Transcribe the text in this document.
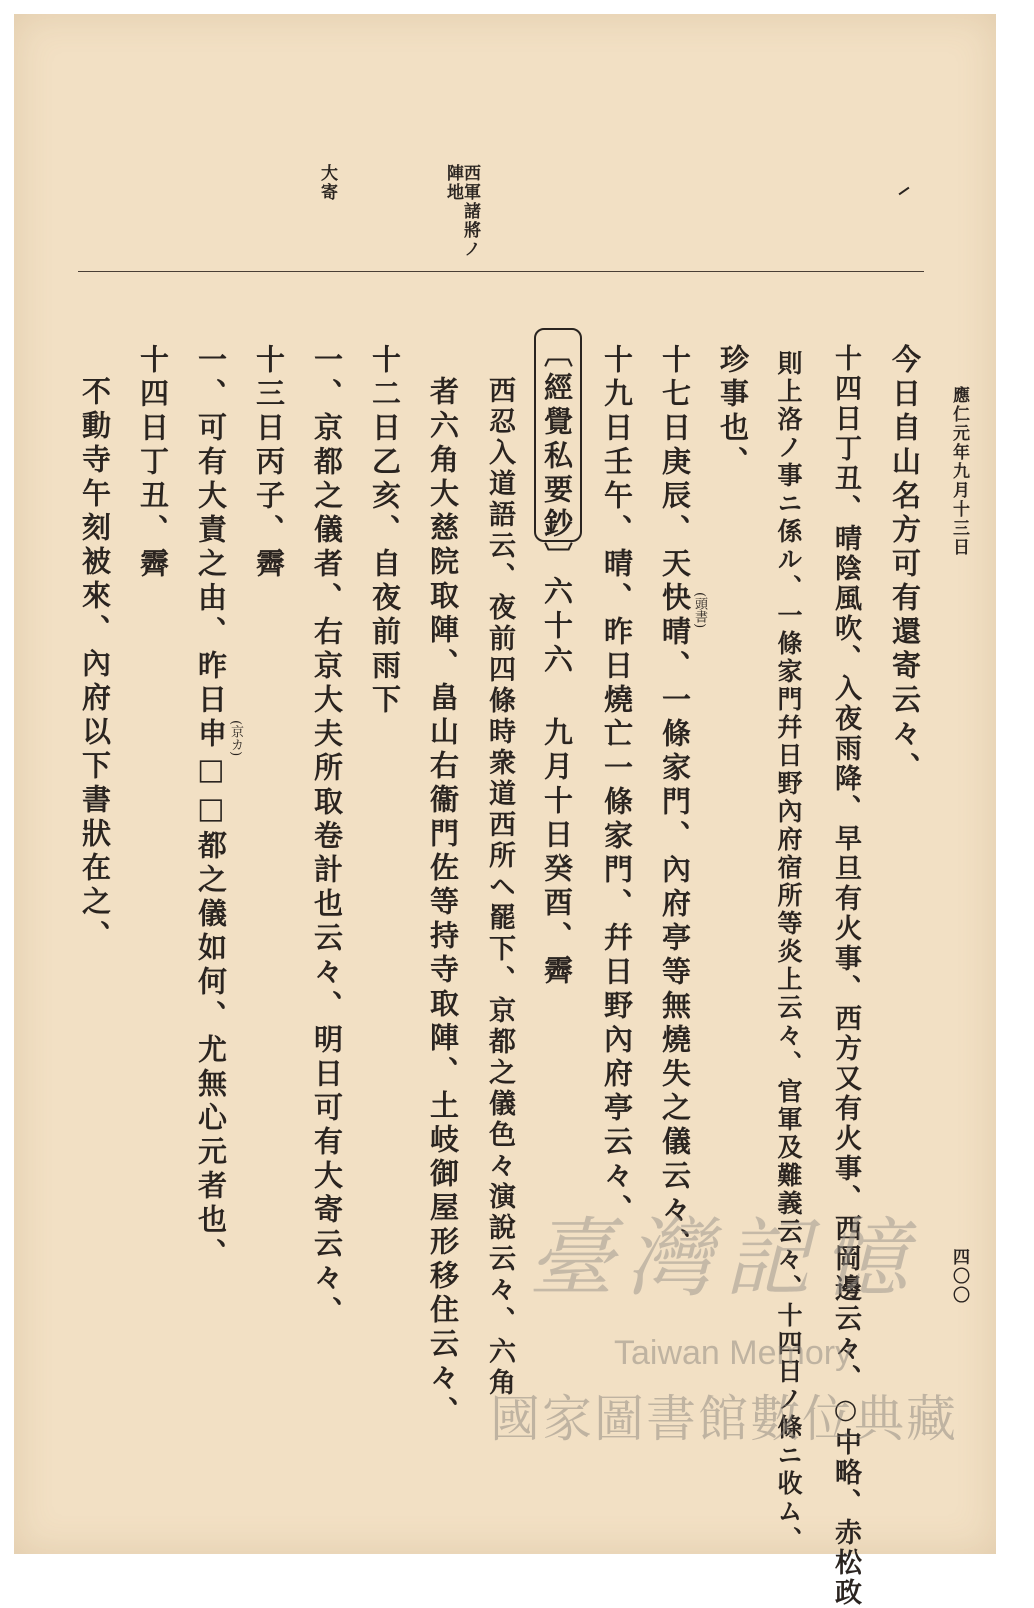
應仁元年九月十三日
四〇〇
西軍諸將ノ陣地
大寄
今日自山名方可有還寄云々、
十四日丁丑、晴陰風吹、入夜雨降、早旦有火事、西方又有火事、西岡邊云々、○中略、赤松政
則上洛ノ事ニ係ル、一條家門幷日野內府宿所等炎上云々、官軍及難義云々、十四日ノ條ニ收ム、
珍事也、
十七日庚辰、天快晴、一條家門、內府亭等無燒失之儀云々、 (頭書)
十九日壬午、晴、昨日燒亡一條家門、幷日野內府亭云々、
〔經覺私要鈔〕六十六 九月十日癸酉、霽
西忍入道語云、夜前四條時衆道西所ヘ罷下、京都之儀色々演說云々、六角
者六角大慈院取陣、畠山右衞門佐等持寺取陣、土岐御屋形移住云々、
十二日乙亥、自夜前雨下
一、京都之儀者、右京大夫所取卷計也云々、明日可有大寄云々、
十三日丙子、霽
一、可有大責之由、昨日申□□都之儀如何、尤無心元者也、 (京カ)
十四日丁丑、霽
不動寺午刻被來、內府以下書狀在之、
臺灣記憶
Taiwan Memory
國家圖書館數位典藏
